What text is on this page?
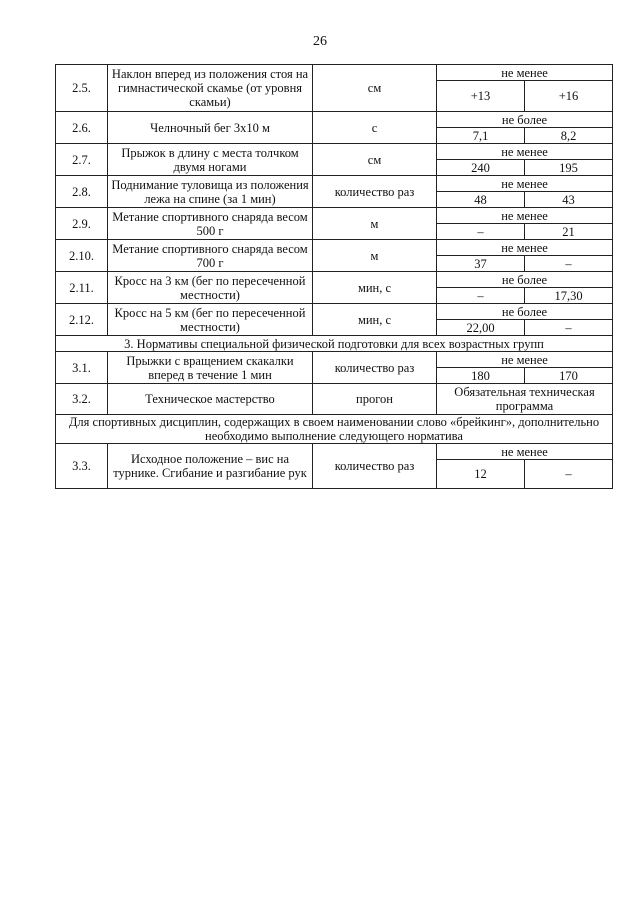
26
2.5.	Наклон вперед из положения стоя на гимнастической скамье (от уровня скамьи)	см	не менее	
			+13	+16
2.6.	Челночный бег 3х10 м	с	не более	
			7,1	8,2
2.7.	Прыжок в длину с места толчком двумя ногами	см	не менее	
			240	195
2.8.	Поднимание туловища из положения лежа на спине (за 1 мин)	количество раз	не менее	
			48	43
2.9.	Метание спортивного снаряда весом 500 г	м	не менее	
			–	21
2.10.	Метание спортивного снаряда весом 700 г	м	не менее	
			37	–
2.11.	Кросс на 3 км (бег по пересеченной местности)	мин, с	не более	
			–	17,30
2.12.	Кросс на 5 км (бег по пересеченной местности)	мин, с	не более	
			22,00	–
3. Нормативы специальной физической подготовки для всех возрастных групп				
3.1.	Прыжки с вращением скакалки вперед в течение 1 мин	количество раз	не менее	
			180	170
3.2.	Техническое мастерство	прогон	Обязательная техническая программа	
Для спортивных дисциплин, содержащих в своем наименовании слово «брейкинг», дополнительно необходимо выполнение следующего норматива				
3.3.	Исходное положение – вис на турнике. Сгибание и разгибание рук	количество раз	не менее	
			12	–
